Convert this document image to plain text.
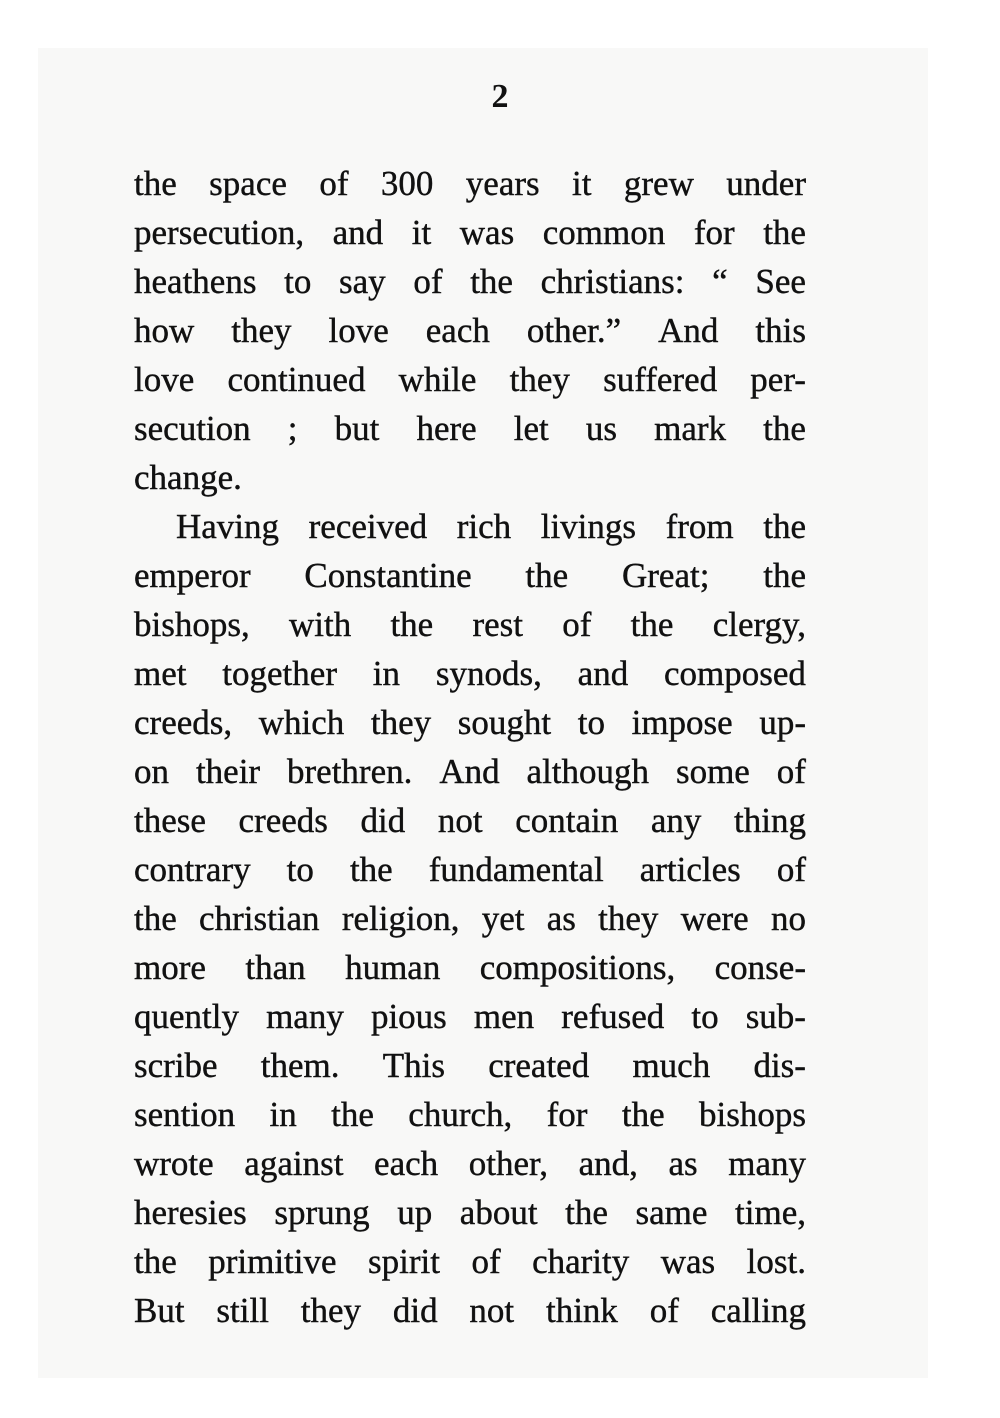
2
the space of 300 years it grew under
persecution, and it was common for the
heathens to say of the christians: “ See
how they love each other.” And this
love continued while they suffered per-
secution ; but here let us mark the
change.
Having received rich livings from the
emperor Constantine the Great; the
bishops, with the rest of the clergy,
met together in synods, and composed
creeds, which they sought to impose up-
on their brethren. And although some of
these creeds did not contain any thing
contrary to the fundamental articles of
the christian religion, yet as they were no
more than human compositions, conse-
quently many pious men refused to sub-
scribe them. This created much dis-
sention in the church, for the bishops
wrote against each other, and, as many
heresies sprung up about the same time,
the primitive spirit of charity was lost.
But still they did not think of calling
